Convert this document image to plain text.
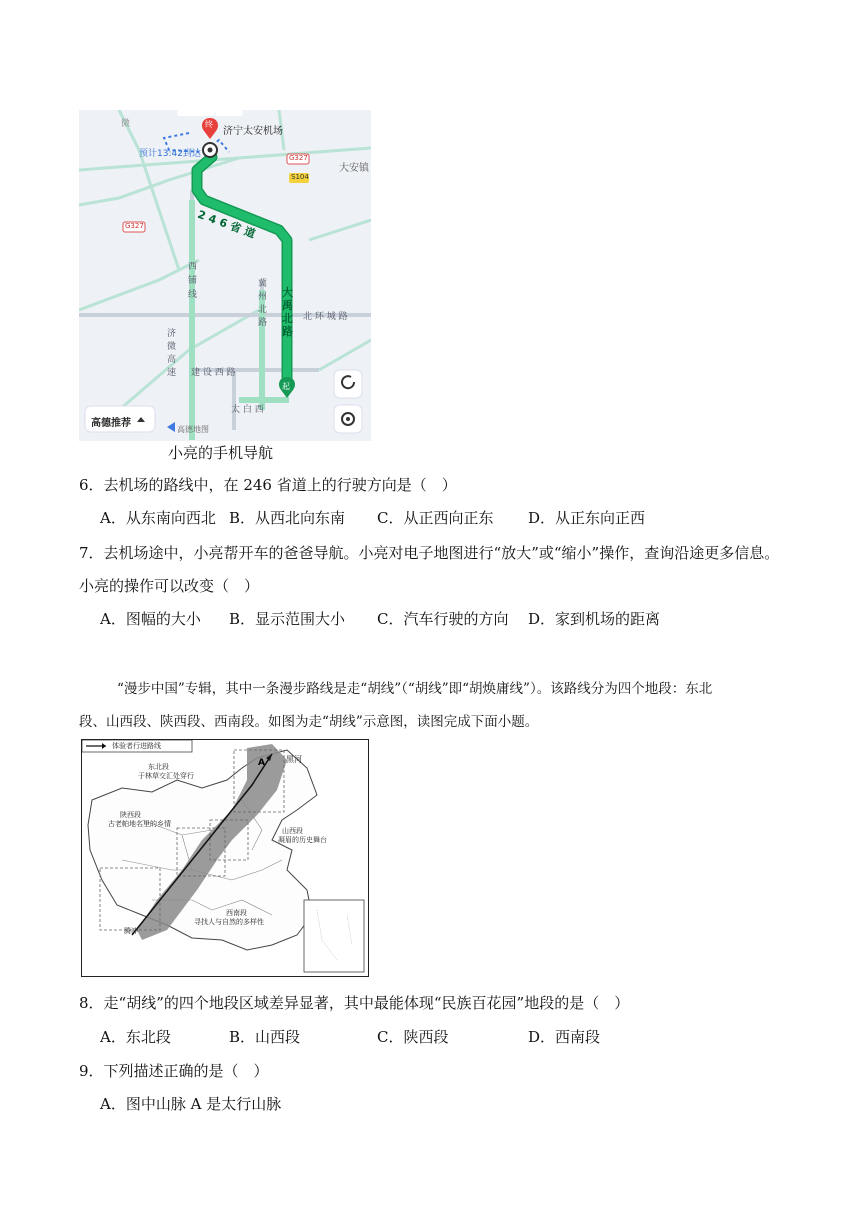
终
济宁太安机场
预计13:42到达
微
G327
S104
G327
大安镇
2 4 6 省 道
大 禹 北 路
西 铺 线
冀 州 北 路
北 环 城 路
济 微 高 速	建 设 西 路
太 白 西
起
高德推荐
高德地图
小亮的手机导航
6．去机场的路线中，在 246 省道上的行驶方向是（　）
A．从东南向西北 B．从西北向东南 C．从正西向正东 D．从正东向正西
7．去机场途中，小亮帮开车的爸爸导航。小亮对电子地图进行“放大”或“缩小”操作，查询沿途更多信息。
小亮的操作可以改变（　）
A．图幅的大小 B．显示范围大小 C．汽车行驶的方向 D．家到机场的距离
“漫步中国”专辑，其中一条漫步路线是走“胡线”（“胡线”即“胡焕庸线”）。该路线分为四个地段：东北
段、山西段、陕西段、西南段。如图为走“胡线”示意图，读图完成下面小题。
体验者行进路线
黑河
A
东北段
于林草交汇处穿行
陕西段
古老帕地名里的乡情
山西段
凝眉的历史舞台
西南段
寻找人与自然的多样性
腾冲
8．走“胡线”的四个地段区域差异显著，其中最能体现“民族百花园”地段的是（　）
A．东北段	B．山西段	C．陕西段	D．西南段
9．下列描述正确的是（　）
A．图中山脉 A 是太行山脉
